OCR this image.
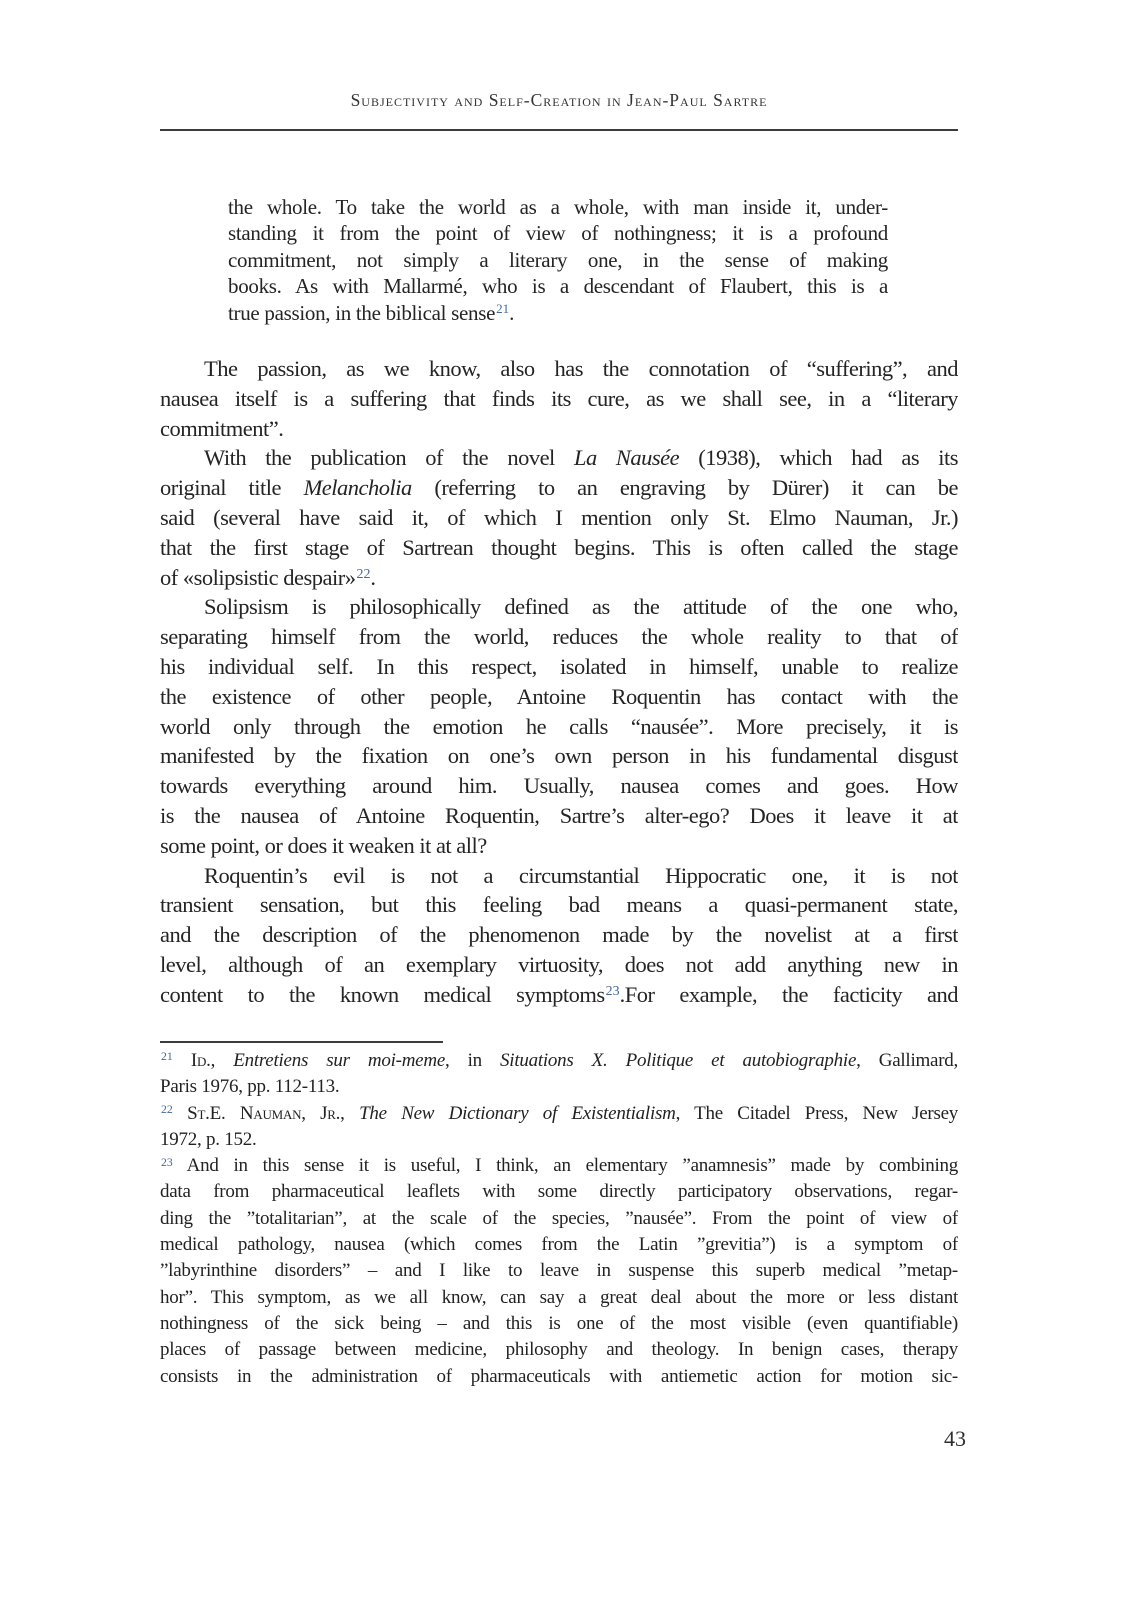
Subjectivity and Self-Creation in Jean-Paul Sartre
the whole. To take the world as a whole, with man inside it, under-
standing it from the point of view of nothingness; it is a profound
commitment, not simply a literary one, in the sense of making
books. As with Mallarmé, who is a descendant of Flaubert, this is a
true passion, in the biblical sense$^{21}$.
The passion, as we know, also has the connotation of “suffering”, and
nausea itself is a suffering that finds its cure, as we shall see, in a “literary
commitment”.
With the publication of the novel La Nausée (1938), which had as its
original title Melancholia (referring to an engraving by Dürer) it can be
said (several have said it, of which I mention only St. Elmo Nauman, Jr.)
that the first stage of Sartrean thought begins. This is often called the stage
of «solipsistic despair»$^{22}$.
Solipsism is philosophically defined as the attitude of the one who,
separating himself from the world, reduces the whole reality to that of
his individual self. In this respect, isolated in himself, unable to realize
the existence of other people, Antoine Roquentin has contact with the
world only through the emotion he calls “nausée”. More precisely, it is
manifested by the fixation on one’s own person in his fundamental disgust
towards everything around him. Usually, nausea comes and goes. How
is the nausea of Antoine Roquentin, Sartre’s alter-ego? Does it leave it at
some point, or does it weaken it at all?
Roquentin’s evil is not a circumstantial Hippocratic one, it is not
transient sensation, but this feeling bad means a quasi-permanent state,
and the description of the phenomenon made by the novelist at a first
level, although of an exemplary virtuosity, does not add anything new in
content to the known medical symptoms$^{23}$.For example, the facticity and
$^{21}$ Id., Entretiens sur moi-meme, in Situations X. Politique et autobiographie, Gallimard,
Paris 1976, pp. 112-113.
$^{22}$ St.E. Nauman, Jr., The New Dictionary of Existentialism, The Citadel Press, New Jersey
1972, p. 152.
$^{23}$ And in this sense it is useful, I think, an elementary ”anamnesis” made by combining
data from pharmaceutical leaflets with some directly participatory observations, regar-
ding the ”totalitarian”, at the scale of the species, ”nausée”. From the point of view of
medical pathology, nausea (which comes from the Latin ”grevitia”) is a symptom of
”labyrinthine disorders” – and I like to leave in suspense this superb medical ”metap-
hor”. This symptom, as we all know, can say a great deal about the more or less distant
nothingness of the sick being – and this is one of the most visible (even quantifiable)
places of passage between medicine, philosophy and theology. In benign cases, therapy
consists in the administration of pharmaceuticals with antiemetic action for motion sic-
43
